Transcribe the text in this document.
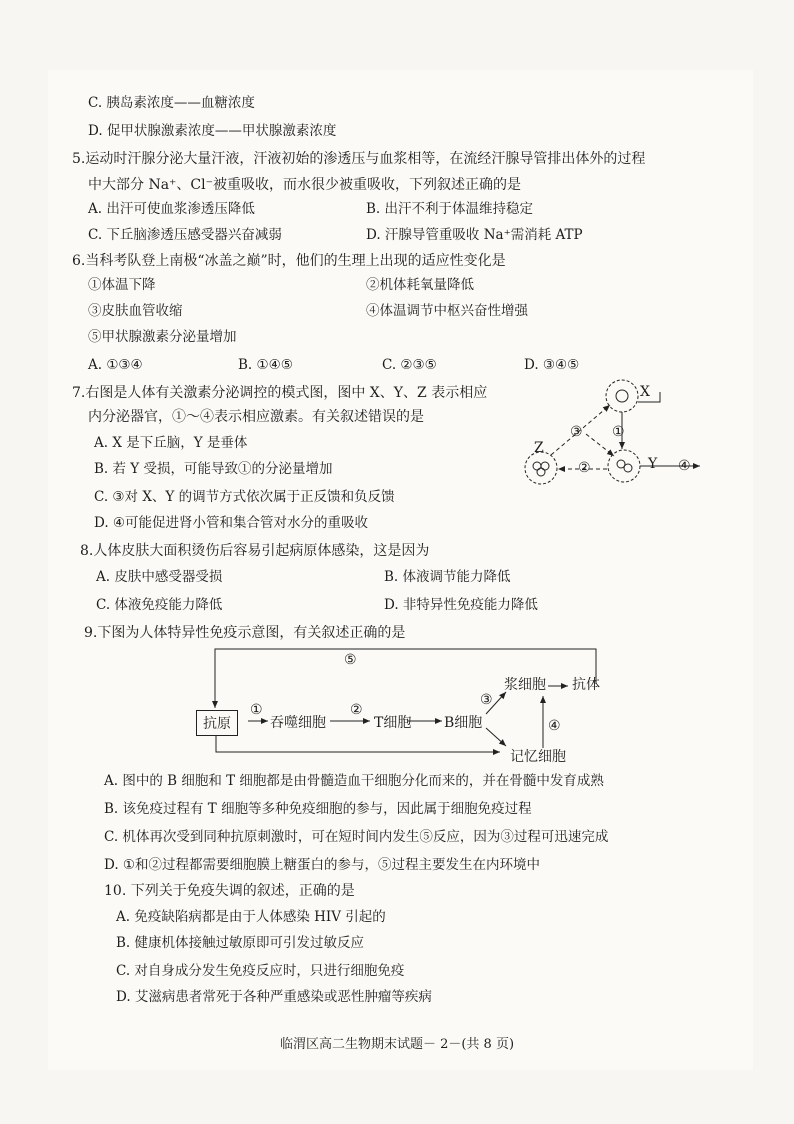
C. 胰岛素浓度——血糖浓度
D. 促甲状腺激素浓度——甲状腺激素浓度
5.运动时汗腺分泌大量汗液，汗液初始的渗透压与血浆相等，在流经汗腺导管排出体外的过程
中大部分 Na⁺、Cl⁻被重吸收，而水很少被重吸收，下列叙述正确的是
A. 出汗可使血浆渗透压降低	B. 出汗不利于体温维持稳定
C. 下丘脑渗透压感受器兴奋减弱	D. 汗腺导管重吸收 Na⁺需消耗 ATP
6.当科考队登上南极“冰盖之巅”时，他们的生理上出现的适应性变化是
①体温下降	②机体耗氧量降低
③皮肤血管收缩	④体温调节中枢兴奋性增强
⑤甲状腺激素分泌量增加
A. ①③④	B. ①④⑤	C. ②③⑤	D. ③④⑤
7.右图是人体有关激素分泌调控的模式图，图中 X、Y、Z 表示相应
内分泌器官，①～④表示相应激素。有关叙述错误的是
A. X 是下丘脑，Y 是垂体
B. 若 Y 受损，可能导致①的分泌量增加
C. ③对 X、Y 的调节方式依次属于正反馈和负反馈
D. ④可能促进肾小管和集合管对水分的重吸收
X
Y
Z
①
②
③
④
8.人体皮肤大面积烫伤后容易引起病原体感染，这是因为
A. 皮肤中感受器受损	B. 体液调节能力降低
C. 体液免疫能力降低	D. 非特异性免疫能力降低
9.下图为人体特异性免疫示意图，有关叙述正确的是
抗原	吞噬细胞	T细胞 B细胞
浆细胞 抗体
记忆细胞
①	②
③
④
⑤
A. 图中的 B 细胞和 T 细胞都是由骨髓造血干细胞分化而来的，并在骨髓中发育成熟
B. 该免疫过程有 T 细胞等多种免疫细胞的参与，因此属于细胞免疫过程
C. 机体再次受到同种抗原刺激时，可在短时间内发生⑤反应，因为③过程可迅速完成
D. ①和②过程都需要细胞膜上糖蛋白的参与，⑤过程主要发生在内环境中
10. 下列关于免疫失调的叙述，正确的是
A. 免疫缺陷病都是由于人体感染 HIV 引起的
B. 健康机体接触过敏原即可引发过敏反应
C. 对自身成分发生免疫反应时，只进行细胞免疫
D. 艾滋病患者常死于各种严重感染或恶性肿瘤等疾病
临渭区高二生物期末试题－ 2－(共 8 页)
